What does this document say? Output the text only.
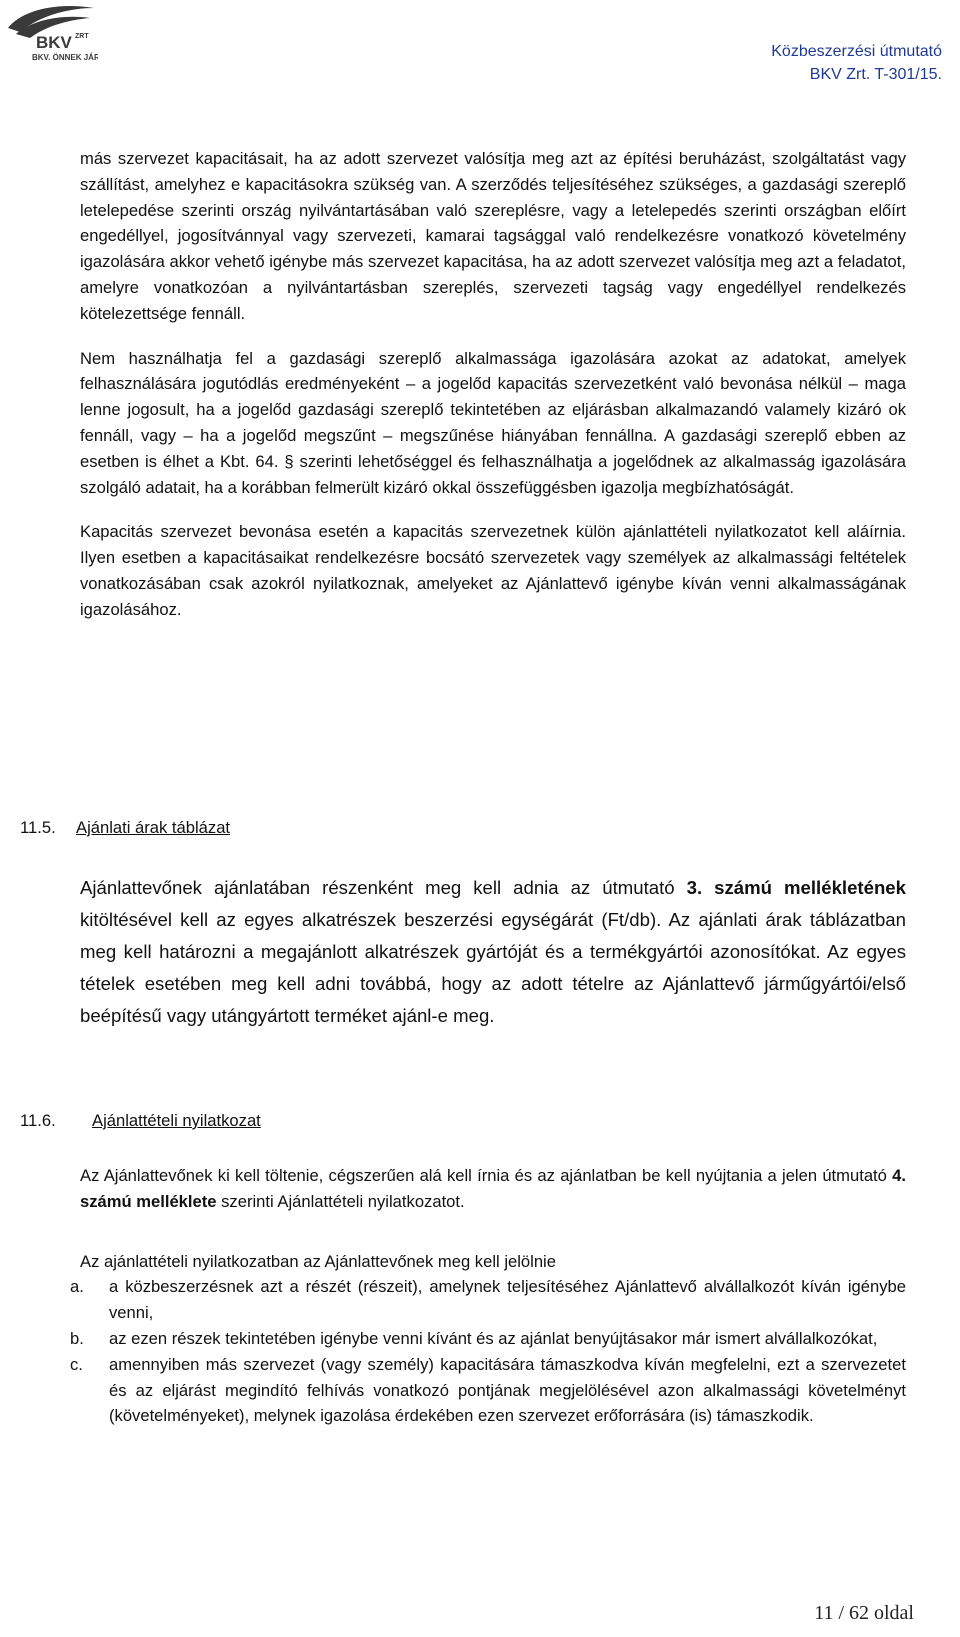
BKV ZRT
BKV. ÖNNEK JÁR.	Közbeszerzési útmutató
BKV Zrt. T-301/15.

más szervezet kapacitásait, ha az adott szervezet valósítja meg azt az építési beruházást, szolgáltatást vagy szállítást, amelyhez e kapacitásokra szükség van. A szerződés teljesítéséhez szükséges, a gazdasági szereplő letelepedése szerinti ország nyilvántartásában való szereplésre, vagy a letelepedés szerinti országban előírt engedéllyel, jogosítvánnyal vagy szervezeti, kamarai tagsággal való rendelkezésre vonatkozó követelmény igazolására akkor vehető igénybe más szervezet kapacitása, ha az adott szervezet valósítja meg azt a feladatot, amelyre vonatkozóan a nyilvántartásban szereplés, szervezeti tagság vagy engedéllyel rendelkezés kötelezettsége fennáll.

Nem használhatja fel a gazdasági szereplő alkalmassága igazolására azokat az adatokat, amelyek felhasználására jogutódlás eredményeként – a jogelőd kapacitás szervezetként való bevonása nélkül – maga lenne jogosult, ha a jogelőd gazdasági szereplő tekintetében az eljárásban alkalmazandó valamely kizáró ok fennáll, vagy – ha a jogelőd megszűnt – megszűnése hiányában fennállna. A gazdasági szereplő ebben az esetben is élhet a Kbt. 64. § szerinti lehetőséggel és felhasználhatja a jogelődnek az alkalmasság igazolására szolgáló adatait, ha a korábban felmerült kizáró okkal összefüggésben igazolja megbízhatóságát.

Kapacitás szervezet bevonása esetén a kapacitás szervezetnek külön ajánlattételi nyilatkozatot kell aláírnia. Ilyen esetben a kapacitásaikat rendelkezésre bocsátó szervezetek vagy személyek az alkalmassági feltételek vonatkozásában csak azokról nyilatkoznak, amelyeket az Ajánlattevő igénybe kíván venni alkalmasságának igazolásához.

11.5. Ajánlati árak táblázat

Ajánlattevőnek ajánlatában részenként meg kell adnia az útmutató 3. számú mellékletének kitöltésével kell az egyes alkatrészek beszerzési egységárát (Ft/db). Az ajánlati árak táblázatban meg kell határozni a megajánlott alkatrészek gyártóját és a termékgyártói azonosítókat. Az egyes tételek esetében meg kell adni továbbá, hogy az adott tételre az Ajánlattevő járműgyártói/első beépítésű vagy utángyártott terméket ajánl-e meg.

11.6. Ajánlattételi nyilatkozat

Az Ajánlattevőnek ki kell töltenie, cégszerűen alá kell írnia és az ajánlatban be kell nyújtania a jelen útmutató 4. számú melléklete szerinti Ajánlattételi nyilatkozatot.

Az ajánlattételi nyilatkozatban az Ajánlattevőnek meg kell jelölnie

a. a közbeszerzésnek azt a részét (részeit), amelynek teljesítéséhez Ajánlattevő alvállalkozót kíván igénybe venni,
b. az ezen részek tekintetében igénybe venni kívánt és az ajánlat benyújtásakor már ismert alvállalkozókat,
c. amennyiben más szervezet (vagy személy) kapacitására támaszkodva kíván megfelelni, ezt a szervezetet és az eljárást megindító felhívás vonatkozó pontjának megjelölésével azon alkalmassági követelményt (követelményeket), melynek igazolása érdekében ezen szervezet erőforrására (is) támaszkodik.
11 / 62 oldal
